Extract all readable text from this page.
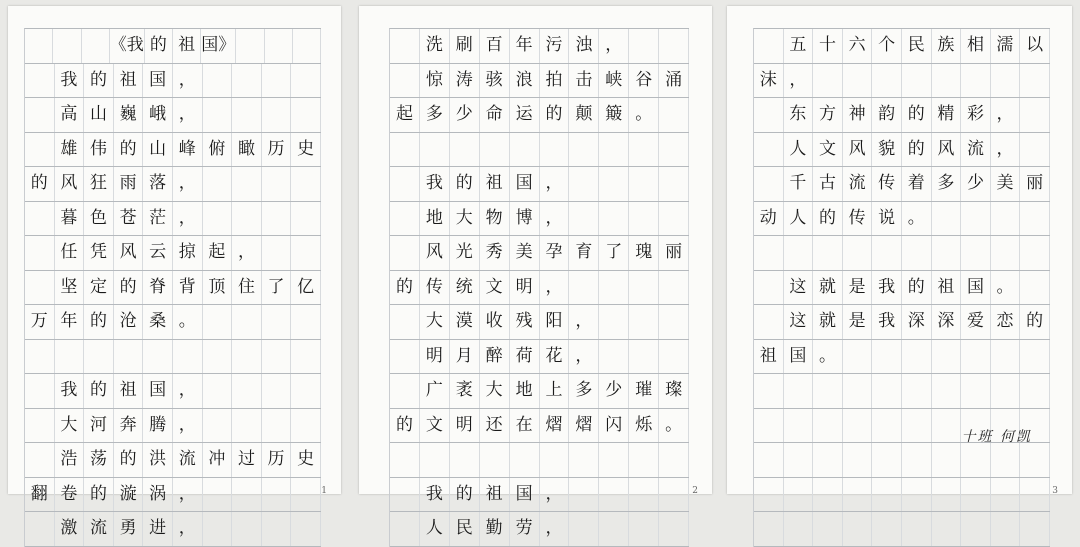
《我 的 祖 国》
我 的 祖 国 ，
高 山 巍 峨 ，
雄 伟 的 山 峰 俯 瞰 历 史
的 风 狂 雨 落 ，
暮 色 苍 茫 ，
任 凭 风 云 掠 起 ，
坚 定 的 脊 背 顶 住 了 亿
万 年 的 沧 桑 。
我 的 祖 国 ，
大 河 奔 腾 ，
浩 荡 的 洪 流 冲 过 历 史
翻 卷 的 漩 涡 ，
激 流 勇 进 ，
1
洗 刷 百 年 污 浊 ，
惊 涛 骇 浪 拍 击 峡 谷 涌
起 多 少 命 运 的 颠 簸 。
我 的 祖 国 ，
地 大 物 博 ，
风 光 秀 美 孕 育 了 瑰 丽
的 传 统 文 明 ，
大 漠 收 残 阳 ，
明 月 醉 荷 花 ，
广 袤 大 地 上 多 少 璀 璨
的 文 明 还 在 熠 熠 闪 烁 。
我 的 祖 国 ，
人 民 勤 劳 ，
2
五 十 六 个 民 族 相 濡 以
沫 ，
东 方 神 韵 的 精 彩 ，
人 文 风 貌 的 风 流 ，
千 古 流 传 着 多 少 美 丽
动 人 的 传 说 。
这 就 是 我 的 祖 国 。
这 就 是 我 深 深 爱 恋 的
祖 国 。
十班 何凯
3
